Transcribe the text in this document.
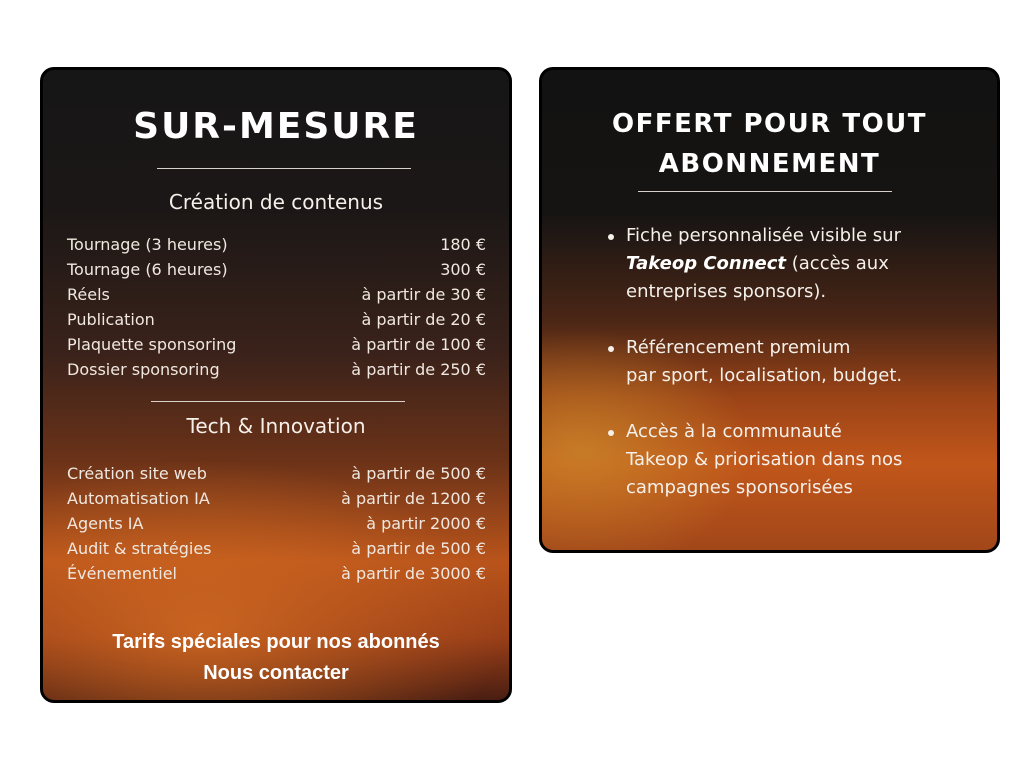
SUR-MESURE
Création de contenus
Tournage (3 heures)	180 €
Tournage (6 heures)	300 €
Réels	à partir de 30 €
Publication	à partir de 20 €
Plaquette sponsoring	à partir de 100 €
Dossier sponsoring	à partir de 250 €
Tech & Innovation
Création site web	à partir de 500 €
Automatisation IA	à partir de 1200 €
Agents IA	à partir 2000 €
Audit & stratégies	à partir de 500 €
Événementiel	à partir de 3000 €
Tarifs spéciales pour nos abonnés
Nous contacter
OFFERT POUR TOUT
ABONNEMENT
Fiche personnalisée visible sur
Takeop Connect (accès aux
entreprises sponsors).
Référencement premium
par sport, localisation, budget.
Accès à la communauté
Takeop & priorisation dans nos
campagnes sponsorisées
